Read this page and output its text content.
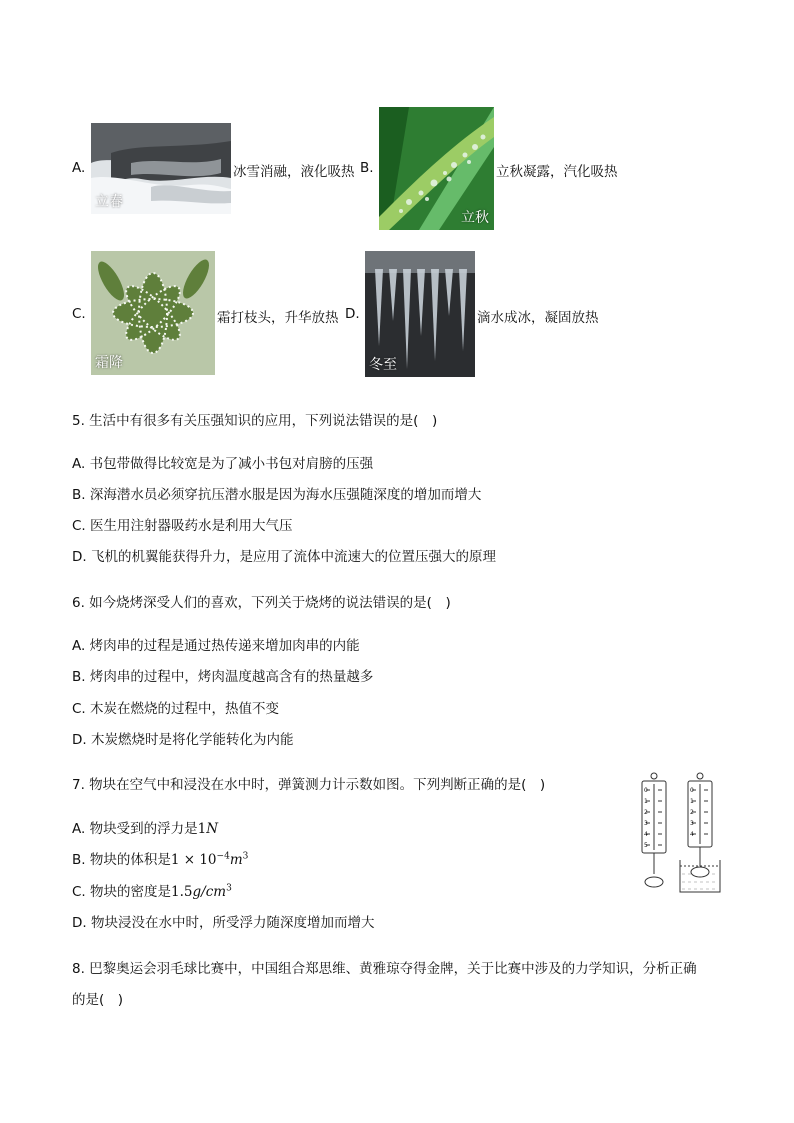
A.
立春
冰雪消融，液化吸热 B.
立秋
立秋凝露，汽化吸热
C.
霜降
霜打枝头，升华放热 D.
冬至
滴水成冰，凝固放热
5. 生活中有很多有关压强知识的应用，下列说法错误的是(　)
A. 书包带做得比较宽是为了减小书包对肩膀的压强
B. 深海潜水员必须穿抗压潜水服是因为海水压强随深度的增加而增大
C. 医生用注射器吸药水是利用大气压
D. 飞机的机翼能获得升力，是应用了流体中流速大的位置压强大的原理
6. 如今烧烤深受人们的喜欢，下列关于烧烤的说法错误的是(　)
A. 烤肉串的过程是通过热传递来增加肉串的内能
B. 烤肉串的过程中，烤肉温度越高含有的热量越多
C. 木炭在燃烧的过程中，热值不变
D. 木炭燃烧时是将化学能转化为内能
7. 物块在空气中和浸没在水中时，弹簧测力计示数如图。下列判断正确的是(　)
A. 物块受到的浮力是1N
B. 物块的体积是$1 \times 10^{-4}m^3$
C. 物块的密度是$1.5g/cm^3$
D. 物块浸没在水中时，所受浮力随深度增加而增大
0
1
2
3
4
5
0
1
2
3
4
8. 巴黎奥运会羽毛球比赛中，中国组合郑思维、黄雅琼夺得金牌，关于比赛中涉及的力学知识，分析正确
的是(　)
